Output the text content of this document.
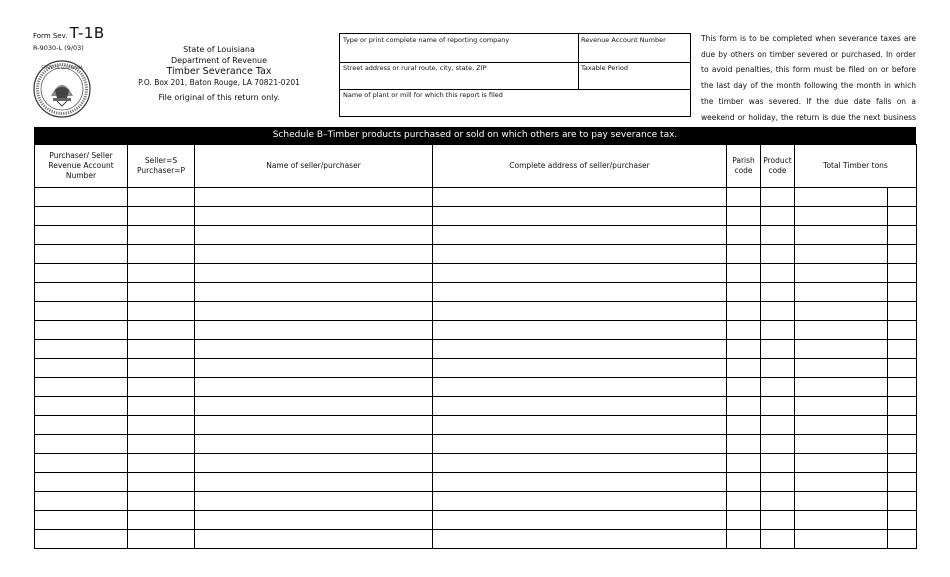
Form Sev. T-1B
R-9030-L (9/03)
STATE OF LOUISIANA
State of Louisiana
Department of Revenue
Timber Severance Tax
P.O. Box 201, Baton Rouge, LA 70821-0201
File original of this return only.
Type or print complete name of reporting company	Revenue Account Number
Street address or rural route, city, state, ZIP	Taxable Period
Name of plant or mill for which this report is filed
This form is to be completed when severance taxes are due by others on timber severed or purchased. In order to avoid penalties, this form must be filed on or before the last day of the month following the month in which the timber was severed. If the due date falls on a weekend or holiday, the return is due the next business
Schedule B–Timber products purchased or sold on which others are to pay severance tax.
Purchaser/ Seller Revenue Account Number	Seller=S Purchaser=P	Name of seller/purchaser	Complete address of seller/purchaser	Parish code	Product code	Total Timber tons	
